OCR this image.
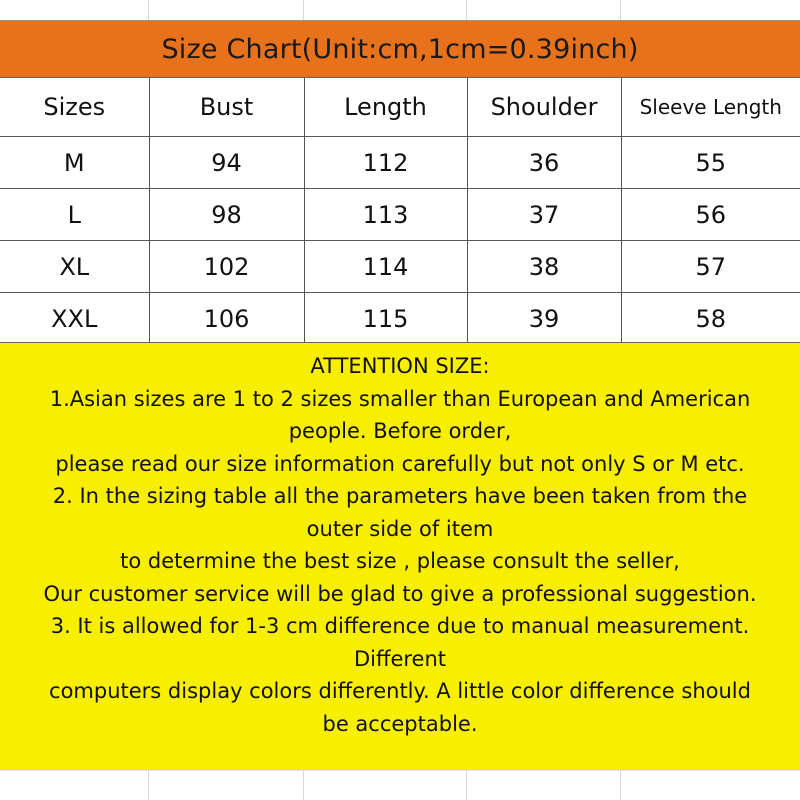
Size Chart(Unit:cm,1cm=0.39inch)
Sizes	Bust	Length	Shoulder	Sleeve Length
M	94	112	36	55
L	98	113	37	56
XL	102	114	38	57
XXL	106	115	39	58
ATTENTION SIZE:
1.Asian sizes are 1 to 2 sizes smaller than European and American
people. Before order,
please read our size information carefully but not only S or M etc.
2. In the sizing table all the parameters have been taken from the
outer side of item
to determine the best size , please consult the seller,
Our customer service will be glad to give a professional suggestion.
3. It is allowed for 1-3 cm difference due to manual measurement.
Different
computers display colors differently. A little color difference should
be acceptable.
